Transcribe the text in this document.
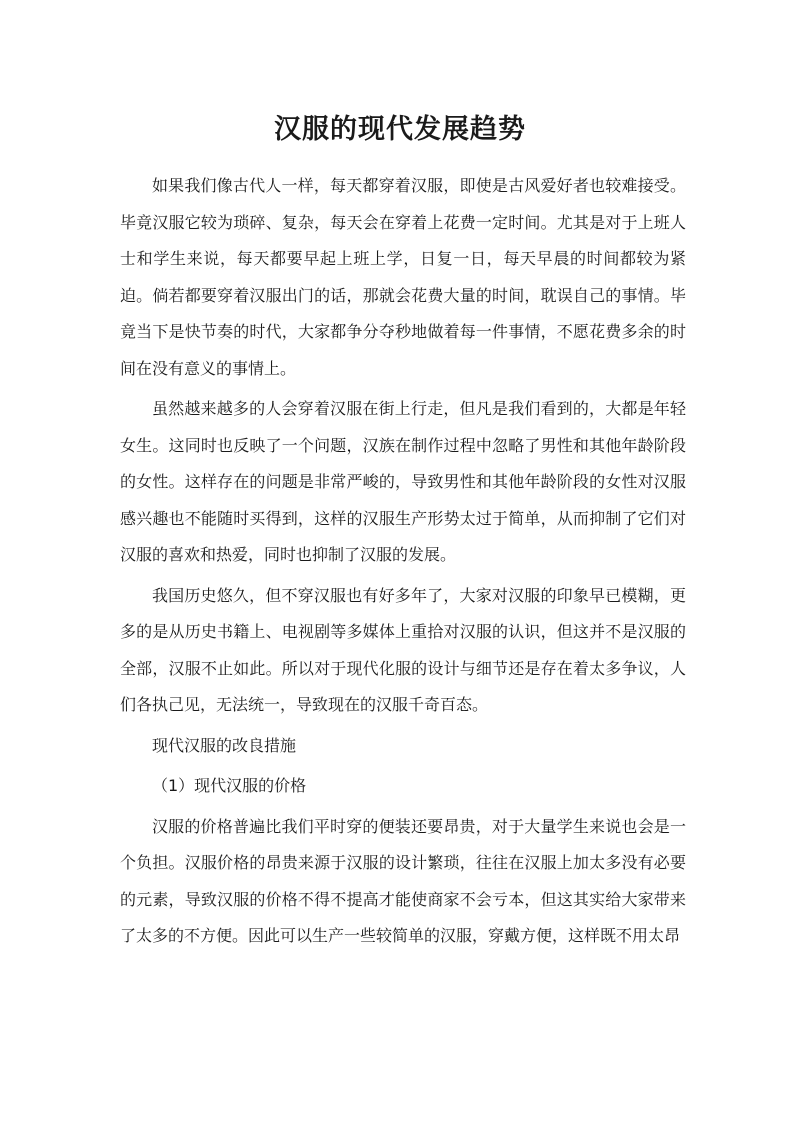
汉服的现代发展趋势

如果我们像古代人一样，每天都穿着汉服，即使是古风爱好者也较难接受。毕竟汉服它较为琐碎、复杂，每天会在穿着上花费一定时间。尤其是对于上班人士和学生来说，每天都要早起上班上学，日复一日，每天早晨的时间都较为紧迫。倘若都要穿着汉服出门的话，那就会花费大量的时间，耽误自己的事情。毕竟当下是快节奏的时代，大家都争分夺秒地做着每一件事情，不愿花费多余的时间在没有意义的事情上。

虽然越来越多的人会穿着汉服在街上行走，但凡是我们看到的，大都是年轻女生。这同时也反映了一个问题，汉族在制作过程中忽略了男性和其他年龄阶段的女性。这样存在的问题是非常严峻的，导致男性和其他年龄阶段的女性对汉服感兴趣也不能随时买得到，这样的汉服生产形势太过于简单，从而抑制了它们对汉服的喜欢和热爱，同时也抑制了汉服的发展。

我国历史悠久，但不穿汉服也有好多年了，大家对汉服的印象早已模糊，更多的是从历史书籍上、电视剧等多媒体上重拾对汉服的认识，但这并不是汉服的全部，汉服不止如此。所以对于现代化服的设计与细节还是存在着太多争议，人们各执己见，无法统一，导致现在的汉服千奇百态。

现代汉服的改良措施

（1）现代汉服的价格

汉服的价格普遍比我们平时穿的便装还要昂贵，对于大量学生来说也会是一个负担。汉服价格的昂贵来源于汉服的设计繁琐，往往在汉服上加太多没有必要的元素，导致汉服的价格不得不提高才能使商家不会亏本，但这其实给大家带来了太多的不方便。因此可以生产一些较简单的汉服，穿戴方便，这样既不用太昂
